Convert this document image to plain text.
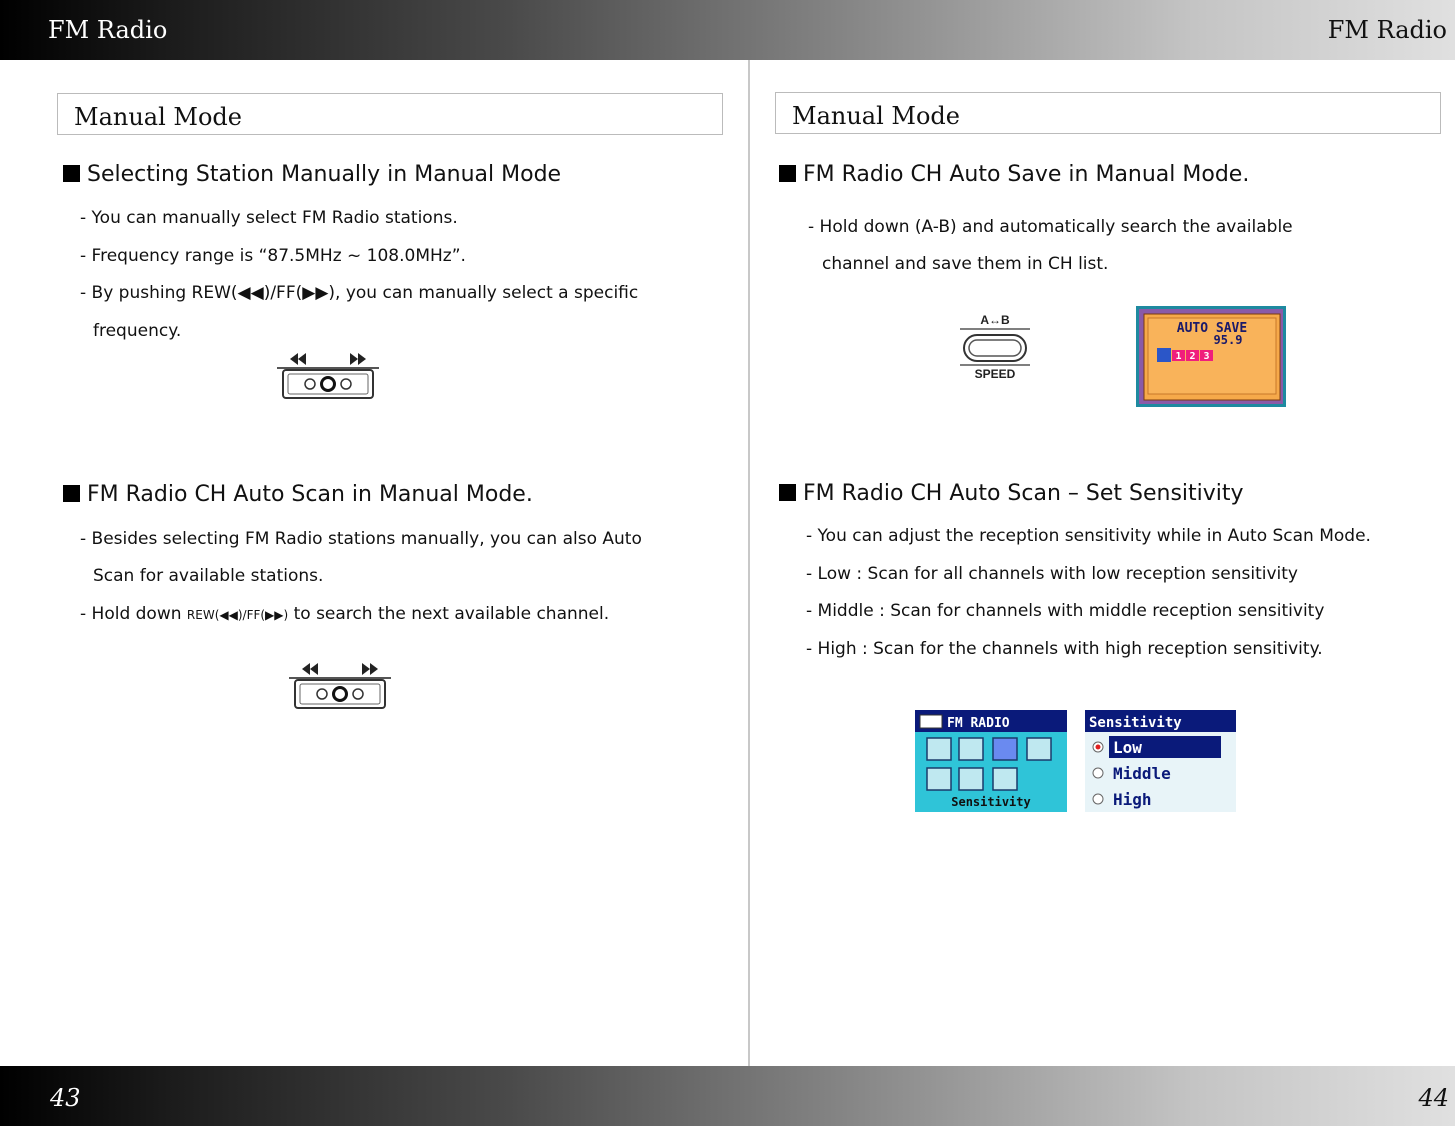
FM Radio	FM Radio
43	44
Manual Mode
Selecting Station Manually in Manual Mode
- You can manually select FM Radio stations.
- Frequency range is “87.5MHz ~ 108.0MHz”.
- By pushing REW(◀◀)/FF(▶▶), you can manually select a specific
frequency.
FM Radio CH Auto Scan in Manual Mode.
- Besides selecting FM Radio stations manually, you can also Auto
Scan for available stations.
- Hold down REW(◀◀)/FF(▶▶) to search the next available channel.
Manual Mode
FM Radio CH Auto Save in Manual Mode.
- Hold down (A-B) and automatically search the available
channel and save them in CH list.
A↔B
SPEED
AUTO SAVE
95.9
1 2 3
FM Radio CH Auto Scan – Set Sensitivity
- You can adjust the reception sensitivity while in Auto Scan Mode.
- Low : Scan for all channels with low reception sensitivity
- Middle : Scan for channels with middle reception sensitivity
- High : Scan for the channels with high reception sensitivity.
FM RADIO
Sensitivity
Sensitivity
Low
Middle
High
